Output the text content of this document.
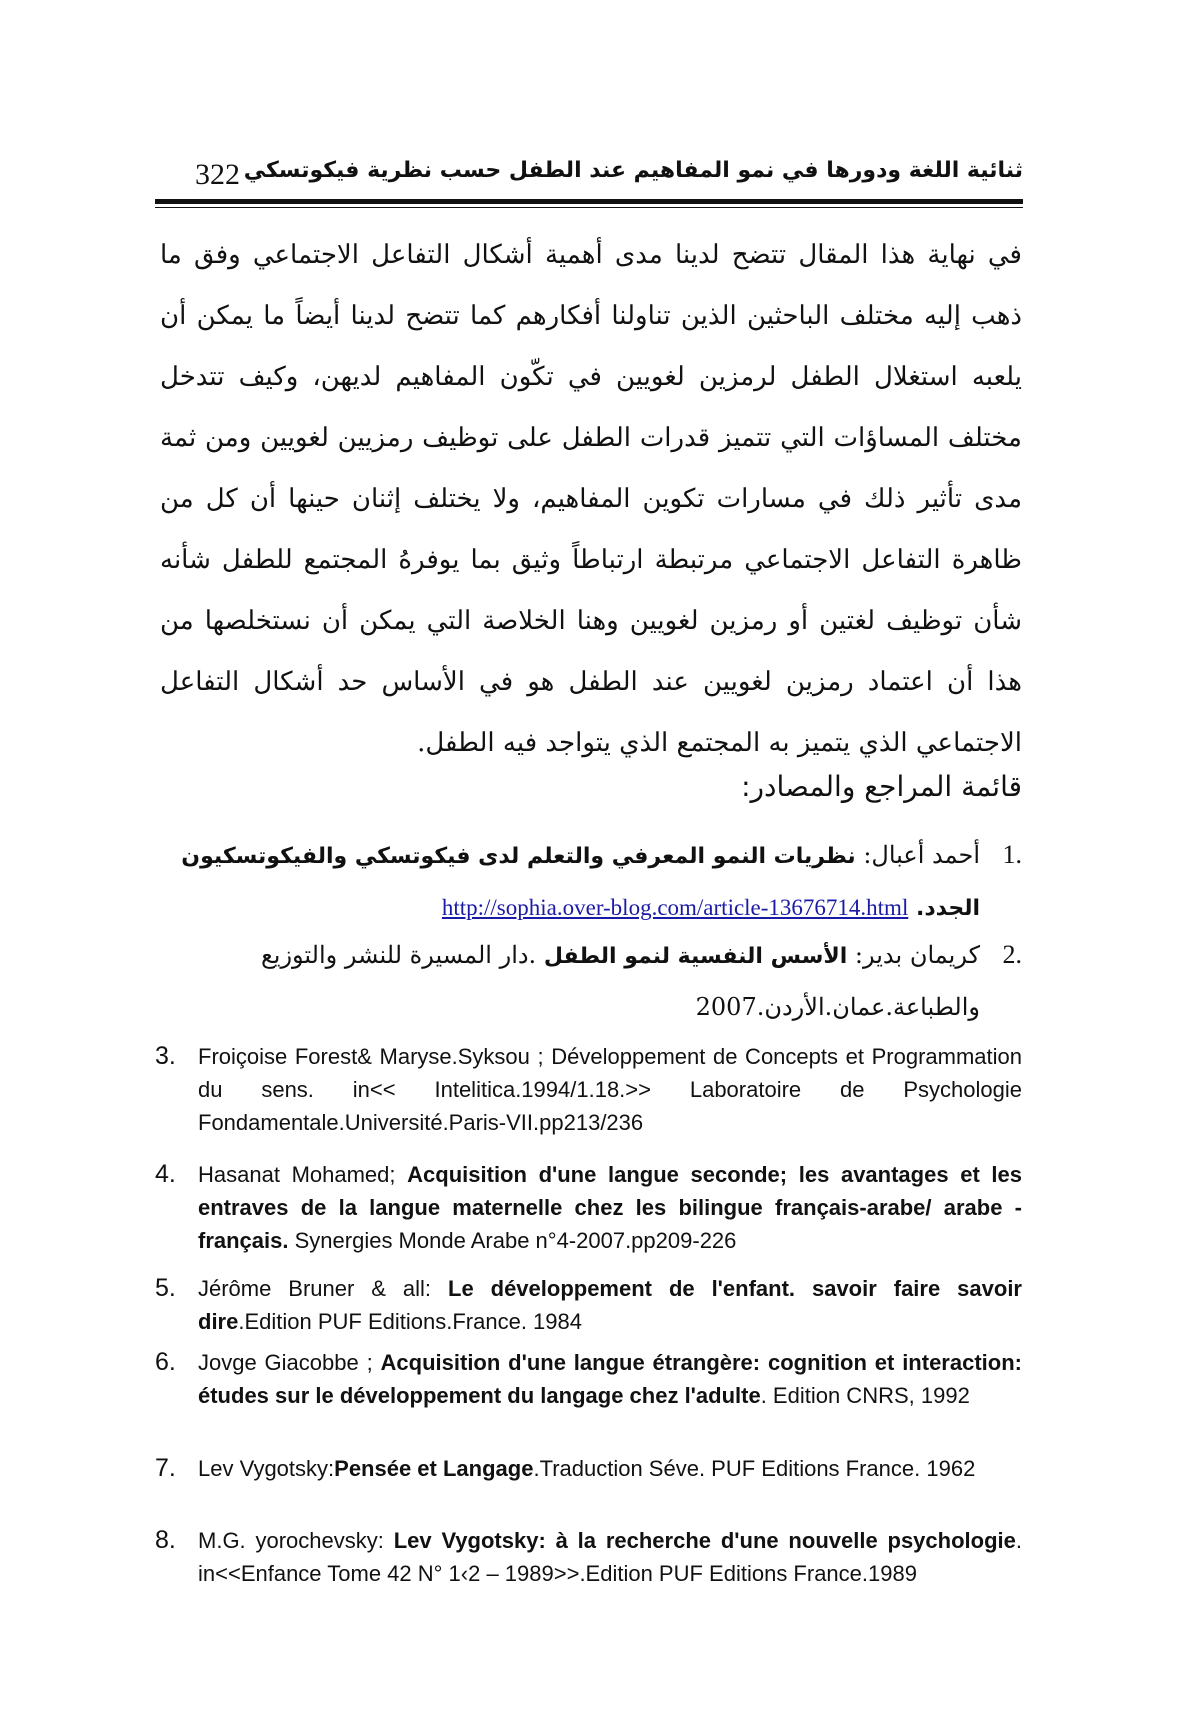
322 ثنائية اللغة ودورها في نمو المفاهيم عند الطفل حسب نظرية فيكوتسكي
في نهاية هذا المقال تتضح لدينا مدى أهمية أشكال التفاعل الاجتماعي وفق ما ذهب إليه مختلف الباحثين الذين تناولنا أفكارهم كما تتضح لدينا أيضاً ما يمكن أن يلعبه استغلال الطفل لرمزين لغويين في تكّون المفاهيم لديهن، وكيف تتدخل مختلف المساؤات التي تتميز قدرات الطفل على توظيف رمزيين لغويين ومن ثمة مدى تأثير ذلك في مسارات تكوين المفاهيم، ولا يختلف إثنان حينها أن كل من ظاهرة التفاعل الاجتماعي مرتبطة ارتباطاً وثيق بما يوفرهُ المجتمع للطفل شأنه شأن توظيف لغتين أو رمزين لغويين وهنا الخلاصة التي يمكن أن نستخلصها من هذا أن اعتماد رمزين لغويين عند الطفل هو في الأساس حد أشكال التفاعل الاجتماعي الذي يتميز به المجتمع الذي يتواجد فيه الطفل.
قائمة المراجع والمصادر:
1.
أحمد أعبال: نظريات النمو المعرفي والتعلم لدى فيكوتسكي والفيكوتسكيون الجدد. http://sophia.over-blog.com/article-13676714.html
2.
كريمان بدير: الأسس النفسية لنمو الطفل .دار المسيرة للنشر والتوزيع والطباعة.عمان.الأردن.2007
3. Froiçoise Forest& Maryse.Syksou ; Développement de Concepts et Programmation du sens. in<< Intelitica.1994/1.18.>> Laboratoire de Psychologie Fondamentale.Université.Paris-VII.pp213/236
4. Hasanat Mohamed; Acquisition d'une langue seconde; les avantages et les entraves de la langue maternelle chez les bilingue français-arabe/ arabe -français. Synergies Monde Arabe n°4-2007.pp209-226
5. Jérôme Bruner & all: Le développement de l'enfant. savoir faire savoir dire.Edition PUF Editions.France. 1984
6. Jovge Giacobbe ; Acquisition d'une langue étrangère: cognition et interaction: études sur le développement du langage chez l'adulte. Edition CNRS, 1992
7. Lev Vygotsky:Pensée et Langage.Traduction Séve. PUF Editions France. 1962
8. M.G. yorochevsky: Lev Vygotsky: à la recherche d'une nouvelle psychologie. in<<Enfance Tome 42 N° 1‹2 – 1989>>.Edition PUF Editions France.1989
